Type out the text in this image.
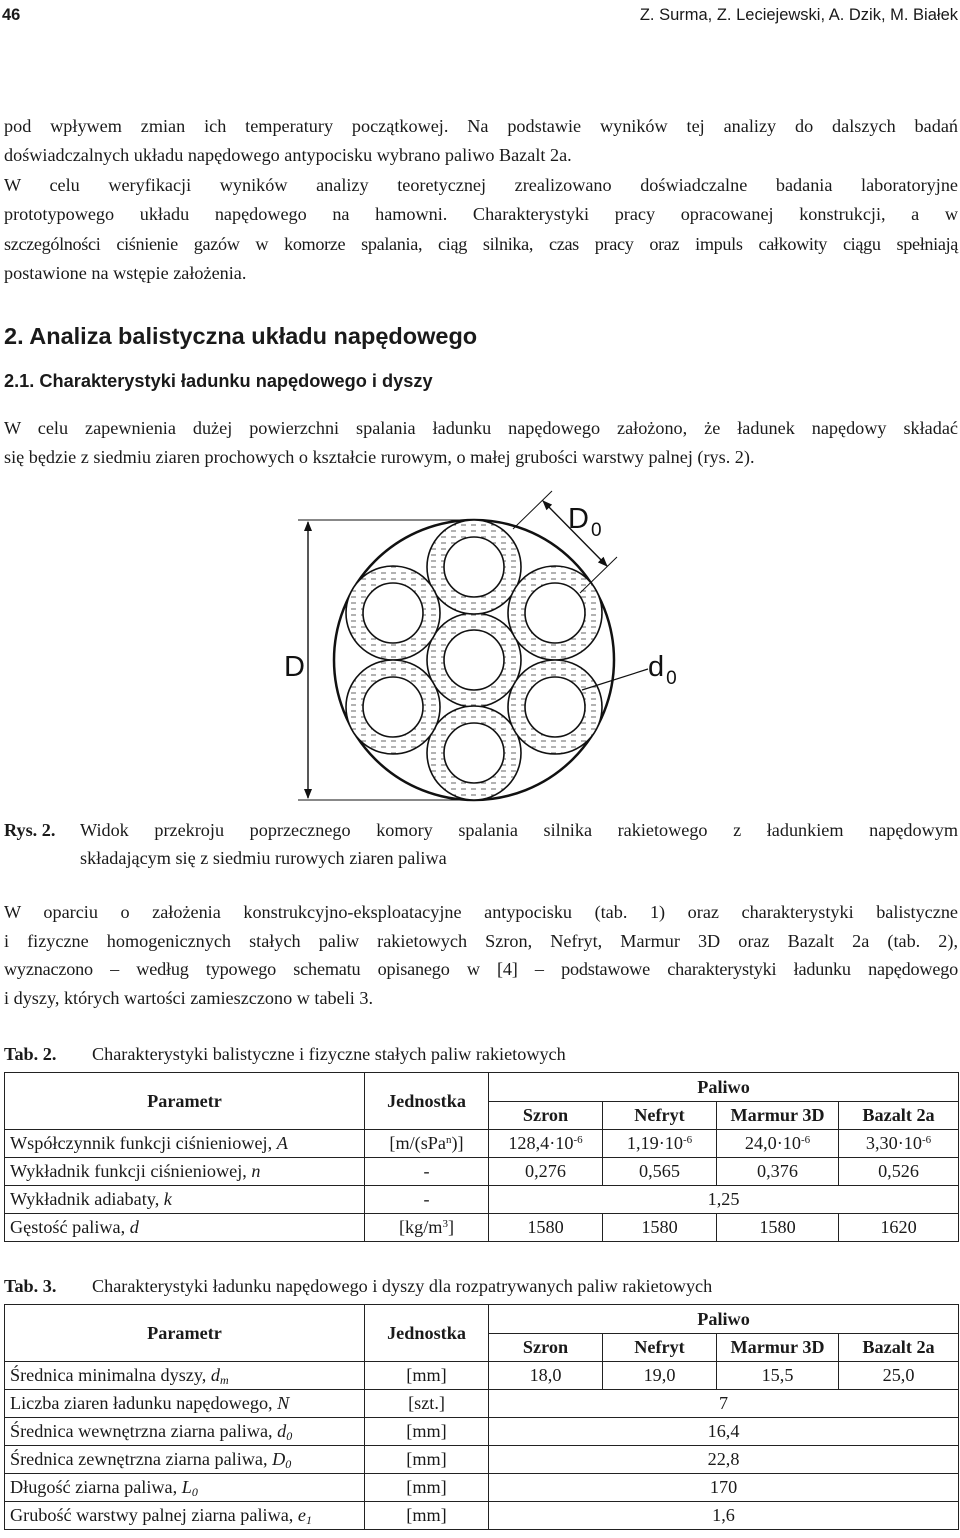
46	Z. Surma, Z. Leciejewski, A. Dzik, M. Białek
pod wpływem zmian ich temperatury początkowej. Na podstawie wyników tej analizy do dalszych badań
doświadczalnych układu napędowego antypocisku wybrano paliwo Bazalt 2a.
W celu weryfikacji wyników analizy teoretycznej zrealizowano doświadczalne badania laboratoryjne
prototypowego układu napędowego na hamowni. Charakterystyki pracy opracowanej konstrukcji, a w
szczególności ciśnienie gazów w komorze spalania, ciąg silnika, czas pracy oraz impuls całkowity ciągu spełniają
postawione na wstępie założenia.
2. Analiza balistyczna układu napędowego
2.1. Charakterystyki ładunku napędowego i dyszy
W celu zapewnienia dużej powierzchni spalania ładunku napędowego założono, że ładunek napędowy składać
się będzie z siedmiu ziaren prochowych o kształcie rurowym, o małej grubości warstwy palnej (rys. 2).
D $_0$
D	d $_0$
Rys. 2. Widok przekroju poprzecznego komory spalania silnika rakietowego z ładunkiem napędowym
składającym się z siedmiu rurowych ziaren paliwa
W oparciu o założenia konstrukcyjno-eksploatacyjne antypocisku (tab. 1) oraz charakterystyki balistyczne
i fizyczne homogenicznych stałych paliw rakietowych Szron, Nefryt, Marmur 3D oraz Bazalt 2a (tab. 2),
wyznaczono – według typowego schematu opisanego w [4] – podstawowe charakterystyki ładunku napędowego
i dyszy, których wartości zamieszczono w tabeli 3.
Tab. 2. Charakterystyki balistyczne i fizyczne stałych paliw rakietowych
Parametr	Jednostka	Paliwo			
		Szron	Nefryt	Marmur 3D	Bazalt 2a
Współczynnik funkcji ciśnieniowej, A	[m/(sPa$^n$)]	$128,4\cdot 10^{-6}$	$1,19\cdot 10^{-6}$	$24,0\cdot 10^{-6}$	$3,30\cdot 10^{-6}$
Wykładnik funkcji ciśnieniowej, n	-	0,276	0,565	0,376	0,526
Wykładnik adiabaty, k	-	1,25			
Gęstość paliwa, d	$[kg/m^3]$	1580	1580	1580	1620
Tab. 3. Charakterystyki ładunku napędowego i dyszy dla rozpatrywanych paliw rakietowych
Parametr	Jednostka	Paliwo			
		Szron	Nefryt	Marmur 3D	Bazalt 2a
Średnica minimalna dyszy, $d_m$	[mm]	18,0	19,0	15,5	25,0
Liczba ziaren ładunku napędowego, N	[szt.]	7			
Średnica wewnętrzna ziarna paliwa, $d_0$	[mm]	16,4			
Średnica zewnętrzna ziarna paliwa, $D_0$	[mm]	22,8			
Długość ziarna paliwa, $L_0$	[mm]	170			
Grubość warstwy palnej ziarna paliwa, $e_1$	[mm]	1,6			
